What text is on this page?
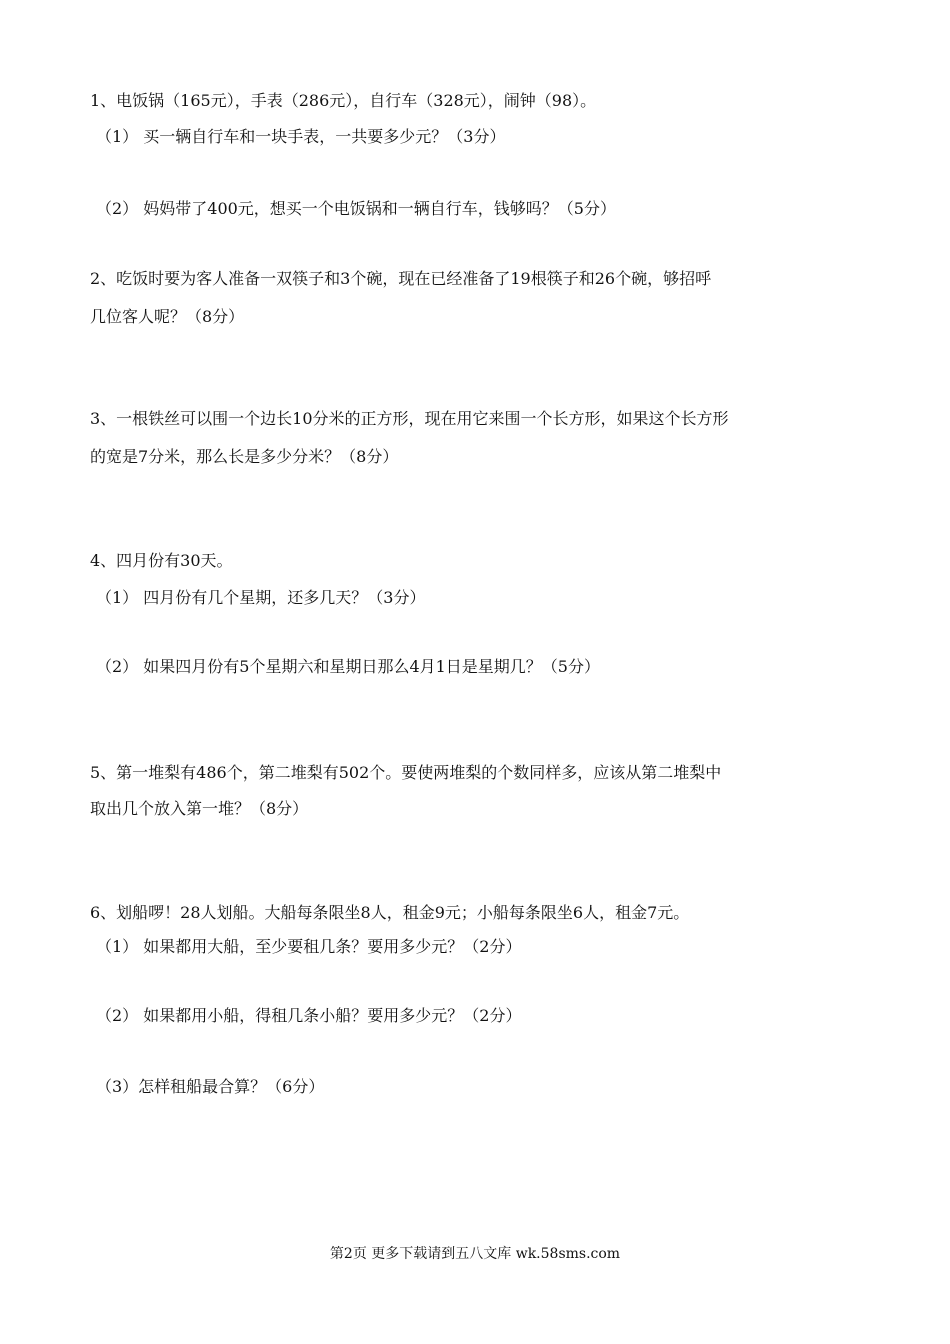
1、电饭锅（165元），手表（286元），自行车（328元），闹钟（98）。
（1） 买一辆自行车和一块手表，一共要多少元？（3分）
（2） 妈妈带了400元，想买一个电饭锅和一辆自行车，钱够吗？（5分）
2、吃饭时要为客人准备一双筷子和3个碗，现在已经准备了19根筷子和26个碗，够招呼
几位客人呢？（8分）
3、一根铁丝可以围一个边长10分米的正方形，现在用它来围一个长方形，如果这个长方形
的宽是7分米，那么长是多少分米？（8分）
4、四月份有30天。
（1） 四月份有几个星期，还多几天？（3分）
（2） 如果四月份有5个星期六和星期日那么4月1日是星期几？（5分）
5、第一堆梨有486个，第二堆梨有502个。要使两堆梨的个数同样多，应该从第二堆梨中
取出几个放入第一堆？（8分）
6、划船啰！28人划船。大船每条限坐8人，租金9元；小船每条限坐6人，租金7元。
（1） 如果都用大船，至少要租几条？要用多少元？（2分）
（2） 如果都用小船，得租几条小船？要用多少元？（2分）
（3）怎样租船最合算？（6分）
第2页 更多下载请到五八文库 wk.58sms.com
